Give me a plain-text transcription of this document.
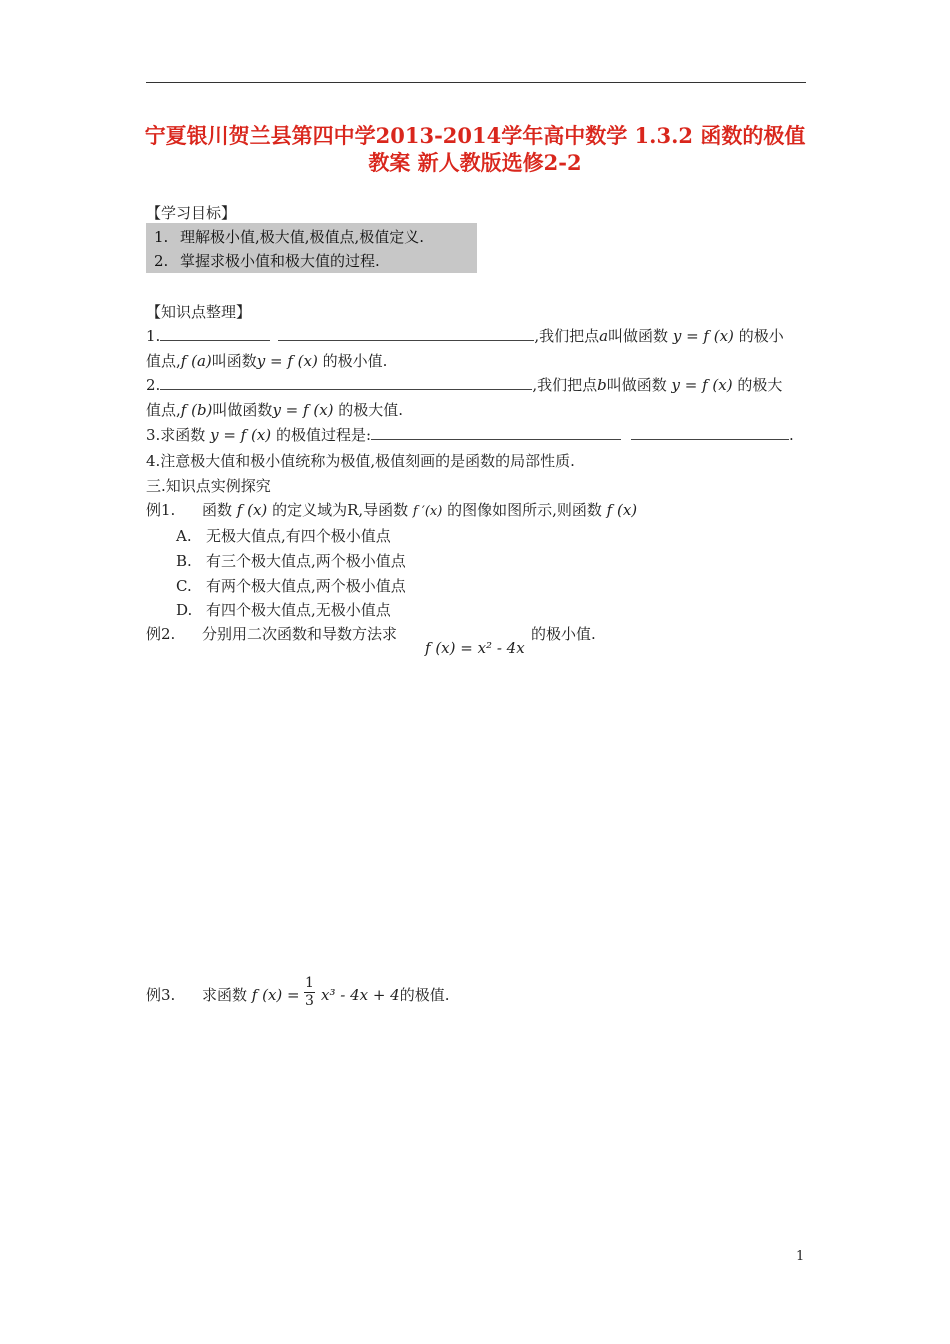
宁夏银川贺兰县第四中学2013-2014学年高中数学 1.3.2 函数的极值教案 新人教版选修2-2
【学习目标】
1. 理解极小值,极大值,极值点,极值定义.
2. 掌握求极小值和极大值的过程.
【知识点整理】
1.	,我们把点a叫做函数 y = f (x) 的极小
值点,f (a)叫函数y = f (x) 的极小值.
2.	,我们把点b叫做函数 y = f (x) 的极大
值点,f (b)叫做函数y = f (x) 的极大值.
3.求函数 y = f (x) 的极值过程是:	.
4.注意极大值和极小值统称为极值,极值刻画的是函数的局部性质.
三.知识点实例探究
例1. 函数 f (x) 的定义域为R,导函数 f ′(x) 的图像如图所示,则函数 f (x)
A. 无极大值点,有四个极小值点
B. 有三个极大值点,两个极小值点
C. 有两个极大值点,两个极小值点
D. 有四个极大值点,无极小值点
例2. 分别用二次函数和导数方法求
f (x) = x² - 4x
的极小值.
例3. 求函数 f $(x) = \frac{1}{3} x^3 - 4x + 4$的极值.
1
